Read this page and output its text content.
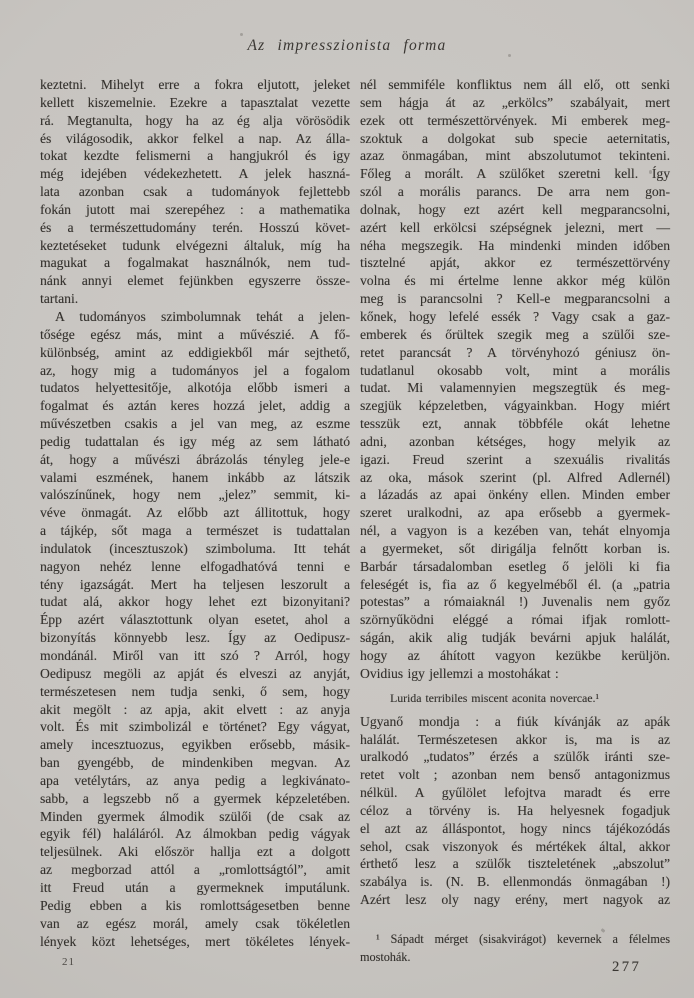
Az impresszionista forma
keztetni. Mihelyt erre a fokra eljutott, jeleket
kellett kiszemelnie. Ezekre a tapasztalat vezette
rá. Megtanulta, hogy ha az ég alja vörösödik
és világosodik, akkor felkel a nap. Az álla-
tokat kezdte felismerni a hangjukról és igy
még idejében védekezhetett. A jelek haszná-
lata azonban csak a tudományok fejlettebb
fokán jutott mai szerepéhez : a mathematika
és a természettudomány terén. Hosszú követ-
keztetéseket tudunk elvégezni általuk, míg ha
magukat a fogalmakat használnók, nem tud-
nánk annyi elemet fejünkben egyszerre össze-
tartani.
A tudományos szimbolumnak tehát a jelen-
tősége egész más, mint a művészié. A fő-
különbség, amint az eddigiekből már sejthető,
az, hogy mig a tudományos jel a fogalom
tudatos helyettesitője, alkotója előbb ismeri a
fogalmat és aztán keres hozzá jelet, addig a
művészetben csakis a jel van meg, az eszme
pedig tudattalan és igy még az sem látható
át, hogy a művészi ábrázolás tényleg jele-e
valami eszmének, hanem inkább az látszik
valószínűnek, hogy nem „jelez” semmit, ki-
véve önmagát. Az előbb azt állitottuk, hogy
a tájkép, sőt maga a természet is tudattalan
indulatok (incesztuszok) szimboluma. Itt tehát
nagyon nehéz lenne elfogadhatóvá tenni e
tény igazságát. Mert ha teljesen leszorult a
tudat alá, akkor hogy lehet ezt bizonyitani?
Épp azért választottunk olyan esetet, ahol a
bizonyítás könnyebb lesz. Így az Oedipusz-
mondánál. Miről van itt szó ? Arról, hogy
Oedipusz megöli az apját és elveszi az anyját,
természetesen nem tudja senki, ő sem, hogy
akit megölt : az apja, akit elvett : az anyja
volt. És mit szimbolizál e történet? Egy vágyat,
amely incesztuozus, egyikben erősebb, másik-
ban gyengébb, de mindenkiben megvan. Az
apa vetélytárs, az anya pedig a legkivánato-
sabb, a legszebb nő a gyermek képzeletében.
Minden gyermek álmodik szülői (de csak az
egyik fél) haláláról. Az álmokban pedig vágyak
teljesülnek. Aki először hallja ezt a dolgott
az megborzad attól a „romlottságtól”, amit
itt Freud után a gyermeknek imputálunk.
Pedig ebben a kis romlottságesetben benne
van az egész morál, amely csak tökéletlen
lények közt lehetséges, mert tökéletes lények-
nél semmiféle konfliktus nem áll elő, ott senki
sem hágja át az „erkölcs” szabályait, mert
ezek ott természettörvények. Mi emberek meg-
szoktuk a dolgokat sub specie aeternitatis,
azaz önmagában, mint abszolutumot tekinteni.
Főleg a morált. A szülőket szeretni kell. Így
szól a morális parancs. De arra nem gon-
dolnak, hogy ezt azért kell megparancsolni,
azért kell erkölcsi szépségnek jelezni, mert —
néha megszegik. Ha mindenki minden időben
tisztelné apját, akkor ez természettörvény
volna és mi értelme lenne akkor még külön
meg is parancsolni ? Kell-e megparancsolni a
kőnek, hogy lefelé essék ? Vagy csak a gaz-
emberek és őrültek szegik meg a szülői sze-
retet parancsát ? A törvényhozó géniusz ön-
tudatlanul okosabb volt, mint a morális
tudat. Mi valamennyien megszegtük és meg-
szegjük képzeletben, vágyainkban. Hogy miért
tesszük ezt, annak többféle okát lehetne
adni, azonban kétséges, hogy melyik az
igazi. Freud szerint a szexuális rivalitás
az oka, mások szerint (pl. Alfred Adlernél)
a lázadás az apai önkény ellen. Minden ember
szeret uralkodni, az apa erősebb a gyermek-
nél, a vagyon is a kezében van, tehát elnyomja
a gyermeket, sőt dirigálja felnőtt korban is.
Barbár társadalomban esetleg ő jelöli ki fia
feleségét is, fia az ő kegyelméből él. (a „patria
potestas” a rómaiaknál !) Juvenalis nem győz
szörnyűködni eléggé a római ifjak romlott-
ságán, akik alig tudják bevárni apjuk halálát,
hogy az áhított vagyon kezükbe kerüljön.
Ovidius igy jellemzi a mostohákat :
Lurida terribiles miscent aconita novercae.¹
Ugyanő mondja : a fiúk kívánják az apák
halálát. Természetesen akkor is, ma is az
uralkodó „tudatos” érzés a szülők iránti sze-
retet volt ; azonban nem benső antagonizmus
nélkül. A gyűlölet lefojtva maradt és erre
céloz a törvény is. Ha helyesnek fogadjuk
el azt az álláspontot, hogy nincs tájékozódás
sehol, csak viszonyok és mértékek által, akkor
érthető lesz a szülők tiszteletének „abszolut”
szabálya is. (N. B. ellenmondás önmagában !)
Azért lesz oly nagy erény, mert nagyok az
¹ Sápadt mérget (sisakvirágot) kevernek a félelmes
mostohák.
21	277
